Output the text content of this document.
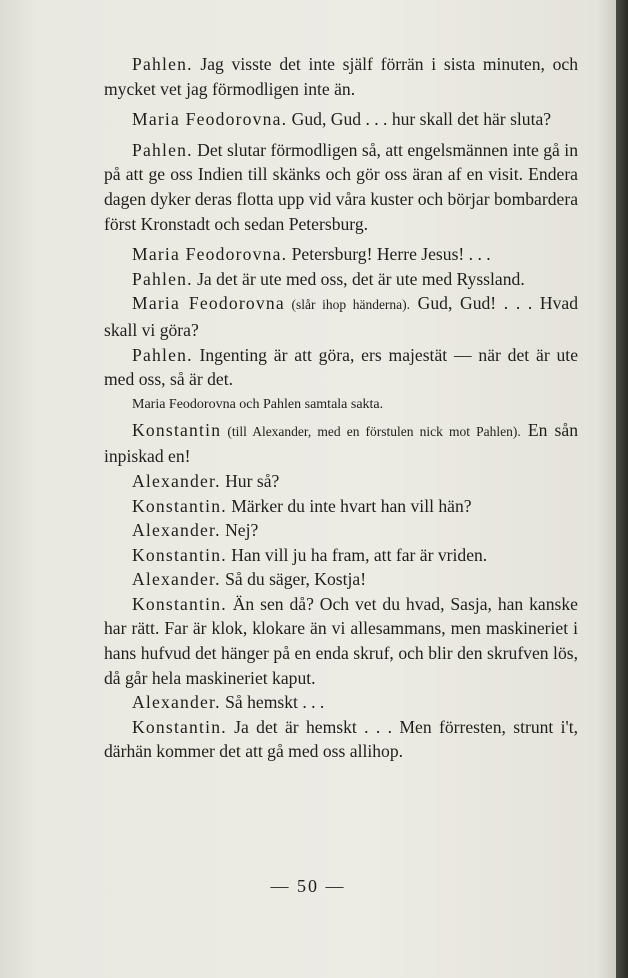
Pahlen. Jag visste det inte själf förrän i sista minuten, och mycket vet jag förmodligen inte än.

Maria Feodorovna. Gud, Gud . . . hur skall det här sluta?

Pahlen. Det slutar förmodligen så, att engelsmännen inte gå in på att ge oss Indien till skänks och gör oss äran af en visit. Endera dagen dyker deras flotta upp vid våra kuster och börjar bombardera först Kronstadt och sedan Petersburg.

Maria Feodorovna. Petersburg! Herre Jesus! . . .

Pahlen. Ja det är ute med oss, det är ute med Ryssland.

Maria Feodorovna (slår ihop händerna). Gud, Gud! . . . Hvad skall vi göra?

Pahlen. Ingenting är att göra, ers majestät — när det är ute med oss, så är det.

Maria Feodorovna och Pahlen samtala sakta.

Konstantin (till Alexander, med en förstulen nick mot Pahlen). En sån inpiskad en!

Alexander. Hur så?

Konstantin. Märker du inte hvart han vill hän?

Alexander. Nej?

Konstantin. Han vill ju ha fram, att far är vriden.

Alexander. Så du säger, Kostja!

Konstantin. Än sen då? Och vet du hvad, Sasja, han kanske har rätt. Far är klok, klokare än vi allesammans, men maskineriet i hans hufvud det hänger på en enda skruf, och blir den skrufven lös, då går hela maskineriet kaput.

Alexander. Så hemskt . . .

Konstantin. Ja det är hemskt . . . Men förresten, strunt i't, därhän kommer det att gå med oss allihop.

— 50 —
